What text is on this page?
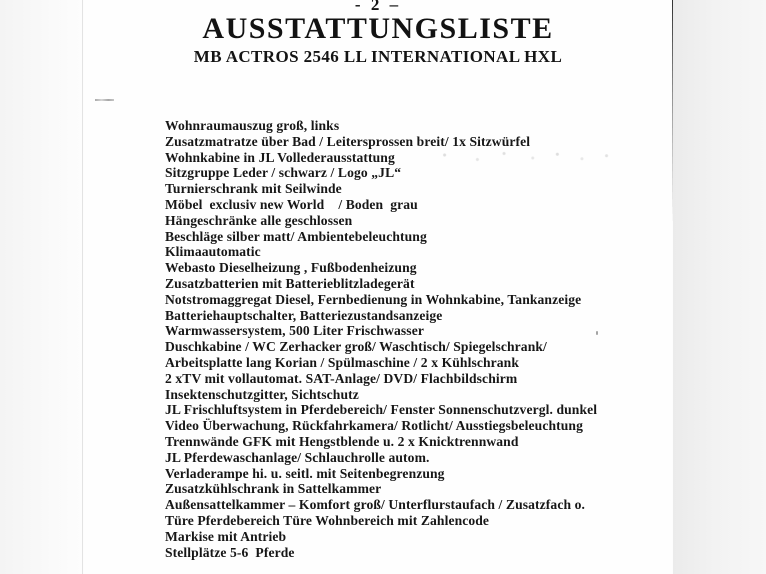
- 2 –
AUSSTATTUNGSLISTE
MB ACTROS 2546 LL INTERNATIONAL HXL
Wohnraumauszug groß, links
Zusatzmatratze über Bad / Leitersprossen breit/ 1x Sitzwürfel
Wohnkabine in JL Vollederausstattung
Sitzgruppe Leder / schwarz / Logo „JL“
Turnierschrank mit Seilwinde
Möbel  exclusiv new World    / Boden  grau
Hängeschränke alle geschlossen
Beschläge silber matt/ Ambientebeleuchtung
Klimaautomatic
Webasto Dieselheizung , Fußbodenheizung
Zusatzbatterien mit Batterieblitzladegerät
Notstromaggregat Diesel, Fernbedienung in Wohnkabine, Tankanzeige
Batteriehauptschalter, Batteriezustandsanzeige
Warmwassersystem, 500 Liter Frischwasser
Duschkabine / WC Zerhacker groß/ Waschtisch/ Spiegelschrank/
Arbeitsplatte lang Korian / Spülmaschine / 2 x Kühlschrank
2 xTV mit vollautomat. SAT-Anlage/ DVD/ Flachbildschirm
Insektenschutzgitter, Sichtschutz
JL Frischluftsystem in Pferdebereich/ Fenster Sonnenschutzvergl. dunkel
Video Überwachung, Rückfahrkamera/ Rotlicht/ Ausstiegsbeleuchtung
Trennwände GFK mit Hengstblende u. 2 x Knicktrennwand
JL Pferdewaschanlage/ Schlauchrolle autom.
Verladerampe hi. u. seitl. mit Seitenbegrenzung
Zusatzkühlschrank in Sattelkammer
Außensattelkammer – Komfort groß/ Unterflurstaufach / Zusatzfach o.
Türe Pferdebereich Türe Wohnbereich mit Zahlencode
Markise mit Antrieb
Stellplätze 5-6  Pferde
